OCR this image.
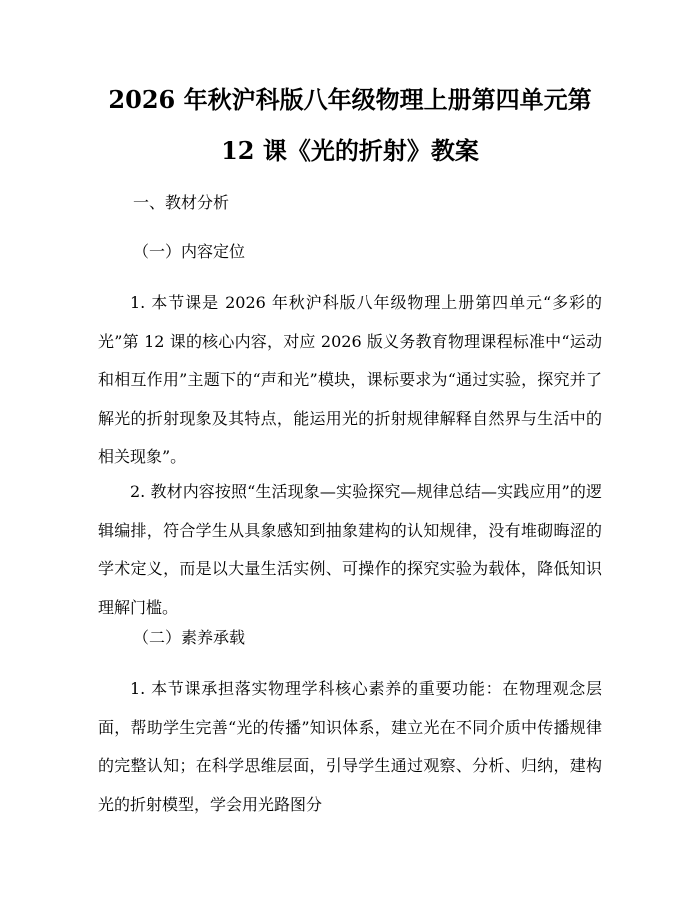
2026 年秋沪科版八年级物理上册第四单元第
12 课《光的折射》教案

一、教材分析

（一）内容定位

1. 本节课是 2026 年秋沪科版八年级物理上册第四单元“多彩的光”第 12 课的核心内容，对应 2026 版义务教育物理课程标准中“运动和相互作用”主题下的“声和光”模块，课标要求为“通过实验，探究并了解光的折射现象及其特点，能运用光的折射规律解释自然界与生活中的相关现象”。

2. 教材内容按照“生活现象—实验探究—规律总结—实践应用”的逻辑编排，符合学生从具象感知到抽象建构的认知规律，没有堆砌晦涩的学术定义，而是以大量生活实例、可操作的探究实验为载体，降低知识理解门槛。

（二）素养承载

1. 本节课承担落实物理学科核心素养的重要功能：在物理观念层面，帮助学生完善“光的传播”知识体系，建立光在不同介质中传播规律的完整认知；在科学思维层面，引导学生通过观察、分析、归纳，建构光的折射模型，学会用光路图分
